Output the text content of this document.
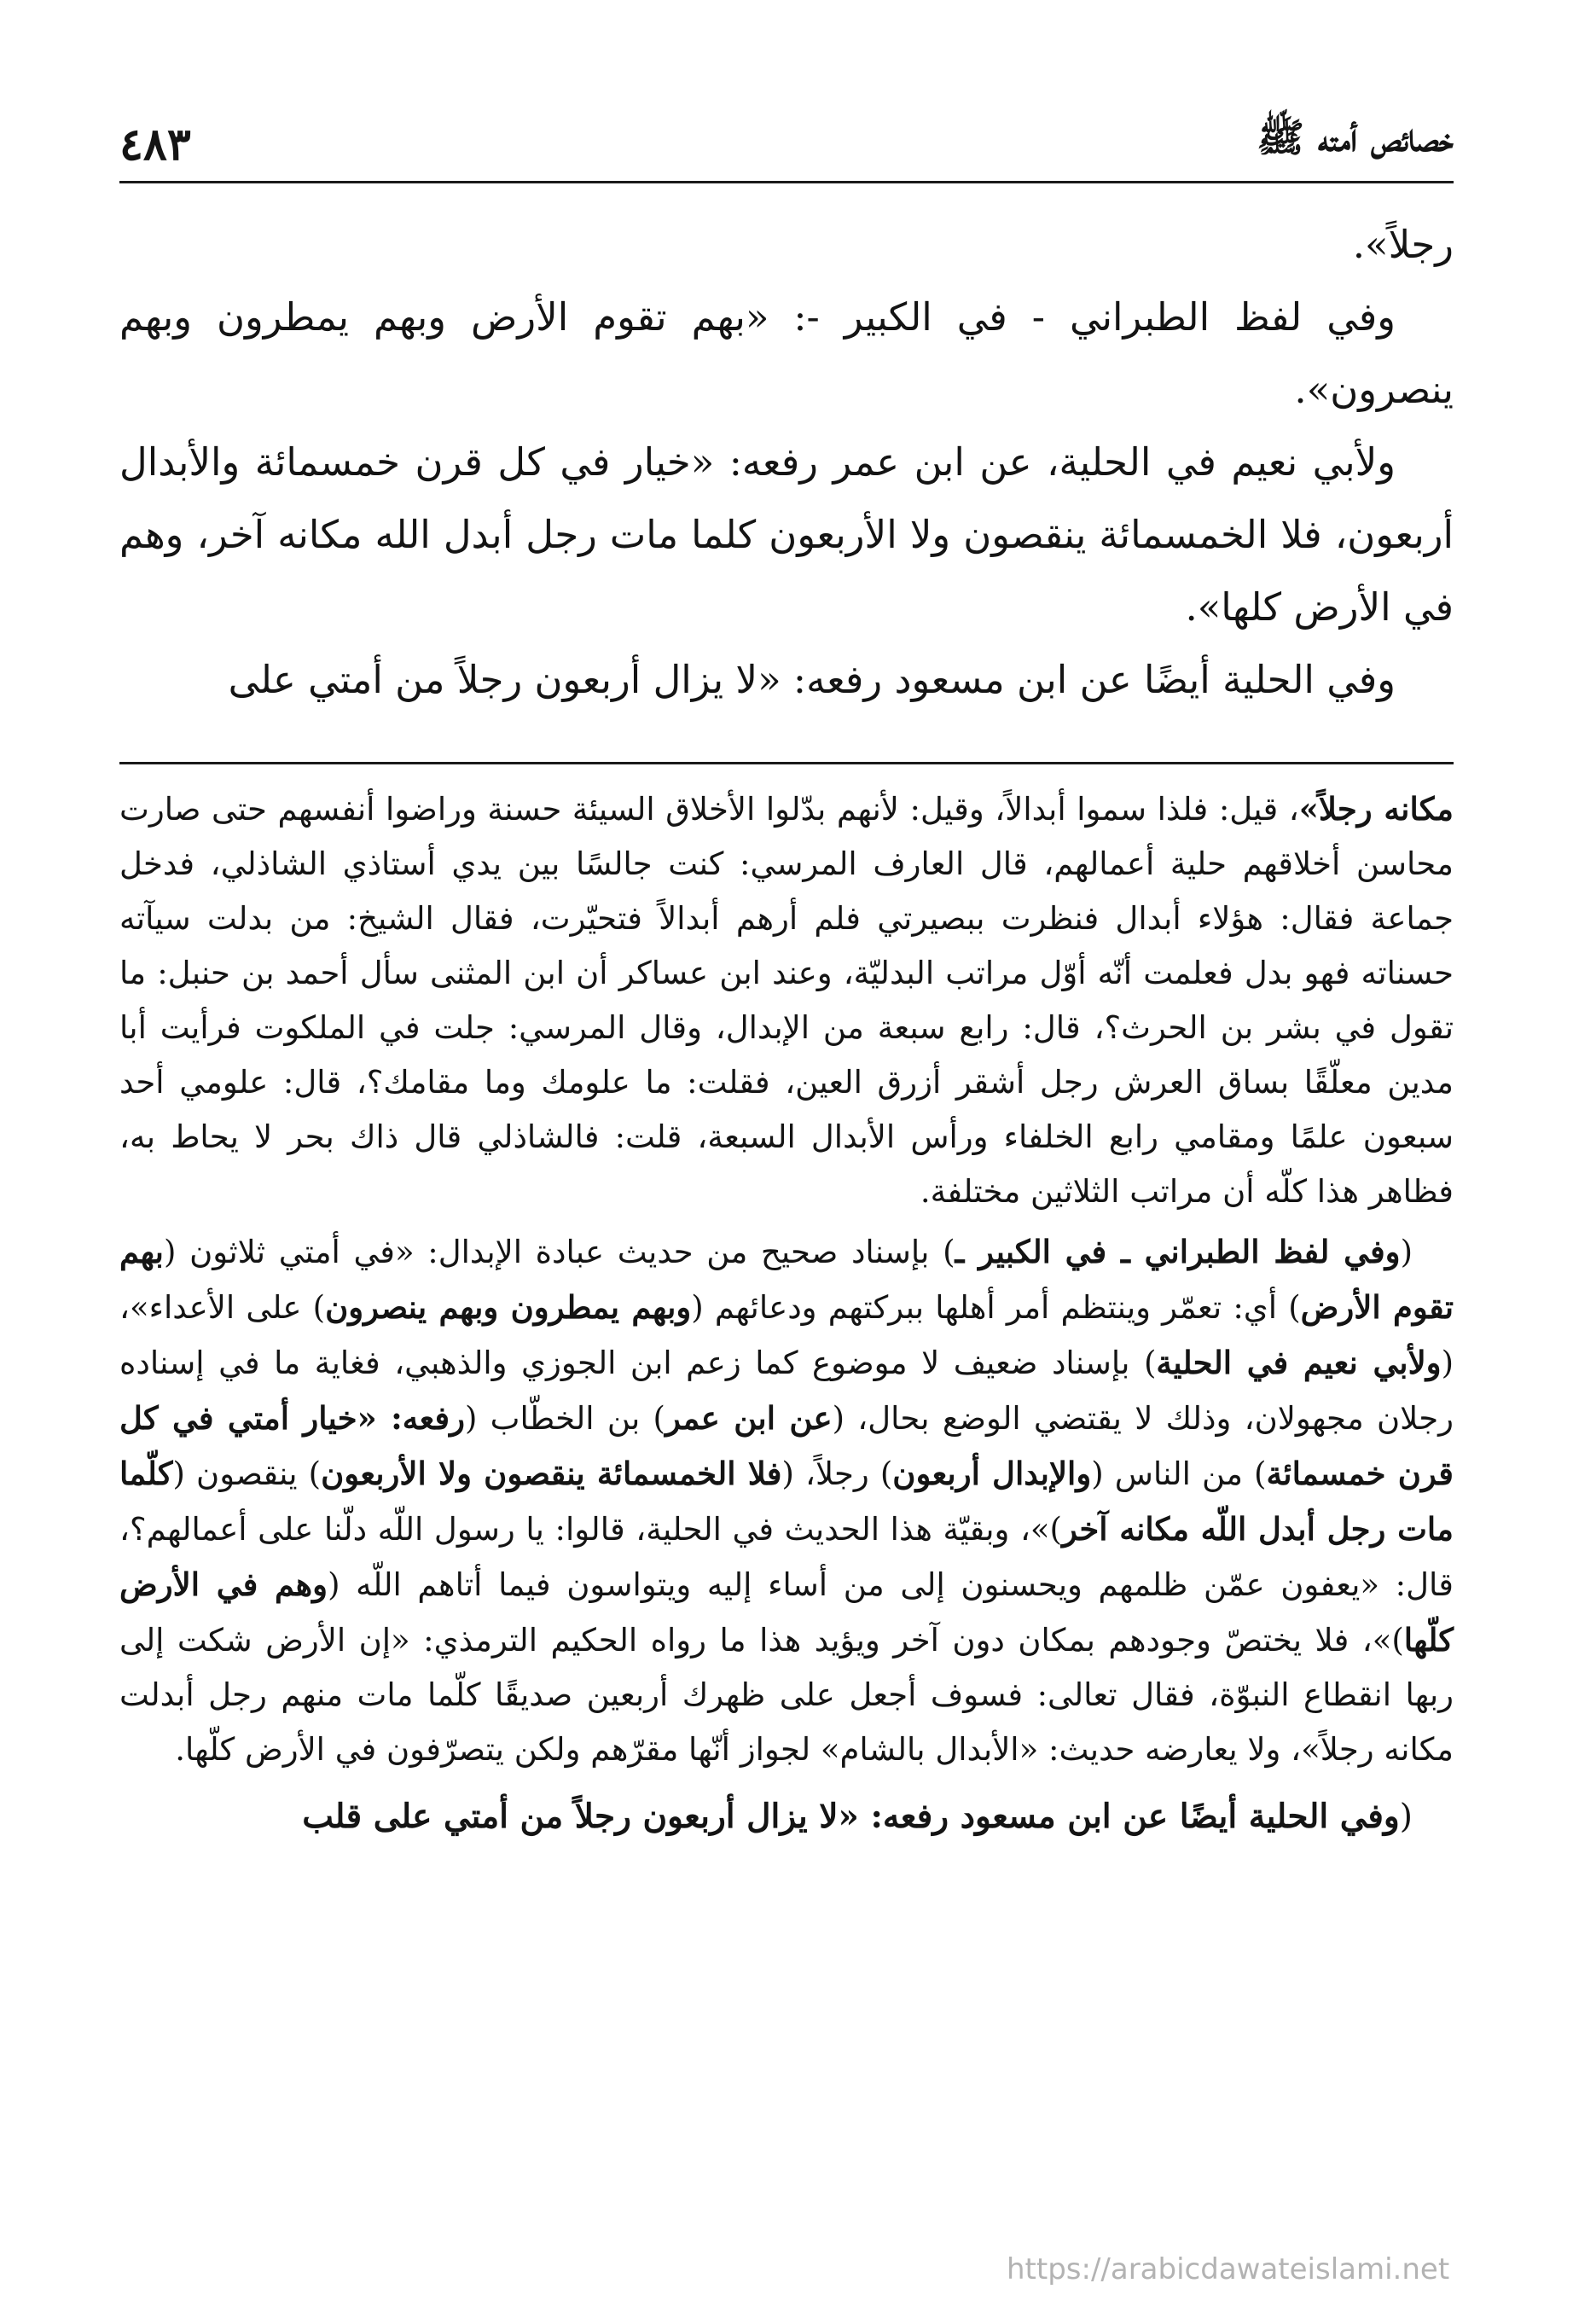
خصائص أمته ﷺ
٤٨٣

رجلاً».

وفي لفظ الطبراني - في الكبير -: «بهم تقوم الأرض وبهم يمطرون وبهم ينصرون».

ولأبي نعيم في الحلية، عن ابن عمر رفعه: «خيار في كل قرن خمسمائة والأبدال أربعون، فلا الخمسمائة ينقصون ولا الأربعون كلما مات رجل أبدل الله مكانه آخر، وهم في الأرض كلها».

وفي الحلية أيضًا عن ابن مسعود رفعه: «لا يزال أربعون رجلاً من أمتي على

مكانه رجلاً»، قيل: فلذا سموا أبدالاً، وقيل: لأنهم بدّلوا الأخلاق السيئة حسنة وراضوا أنفسهم حتى صارت محاسن أخلاقهم حلية أعمالهم، قال العارف المرسي: كنت جالسًا بين يدي أستاذي الشاذلي، فدخل جماعة فقال: هؤلاء أبدال فنظرت ببصيرتي فلم أرهم أبدالاً فتحيّرت، فقال الشيخ: من بدلت سيآته حسناته فهو بدل فعلمت أنّه أوّل مراتب البدليّة، وعند ابن عساكر أن ابن المثنى سأل أحمد بن حنبل: ما تقول في بشر بن الحرث؟، قال: رابع سبعة من الإبدال، وقال المرسي: جلت في الملكوت فرأيت أبا مدين معلّقًا بساق العرش رجل أشقر أزرق العين، فقلت: ما علومك وما مقامك؟، قال: علومي أحد سبعون علمًا ومقامي رابع الخلفاء ورأس الأبدال السبعة، قلت: فالشاذلي قال ذاك بحر لا يحاط به، فظاهر هذا كلّه أن مراتب الثلاثين مختلفة.

(وفي لفظ الطبراني ـ في الكبير ـ) بإسناد صحيح من حديث عبادة الإبدال: «في أمتي ثلاثون (بهم تقوم الأرض) أي: تعمّر وينتظم أمر أهلها ببركتهم ودعائهم (وبهم يمطرون وبهم ينصرون) على الأعداء»، (ولأبي نعيم في الحلية) بإسناد ضعيف لا موضوع كما زعم ابن الجوزي والذهبي، فغاية ما في إسناده رجلان مجهولان، وذلك لا يقتضي الوضع بحال، (عن ابن عمر) بن الخطّاب (رفعه: «خيار أمتي في كل قرن خمسمائة) من الناس (والإبدال أربعون) رجلاً، (فلا الخمسمائة ينقصون ولا الأربعون) ينقصون (كلّما مات رجل أبدل اللّه مكانه آخر)»، وبقيّة هذا الحديث في الحلية، قالوا: يا رسول اللّه دلّنا على أعمالهم؟، قال: «يعفون عمّن ظلمهم ويحسنون إلى من أساء إليه ويتواسون فيما أتاهم اللّه (وهم في الأرض كلّها)»، فلا يختصّ وجودهم بمكان دون آخر ويؤيد هذا ما رواه الحكيم الترمذي: «إن الأرض شكت إلى ربها انقطاع النبوّة، فقال تعالى: فسوف أجعل على ظهرك أربعين صديقًا كلّما مات منهم رجل أبدلت مكانه رجلاً»، ولا يعارضه حديث: «الأبدال بالشام» لجواز أنّها مقرّهم ولكن يتصرّفون في الأرض كلّها.

(وفي الحلية أيضًا عن ابن مسعود رفعه: «لا يزال أربعون رجلاً من أمتي على قلب

https://arabicdawateislami.net
